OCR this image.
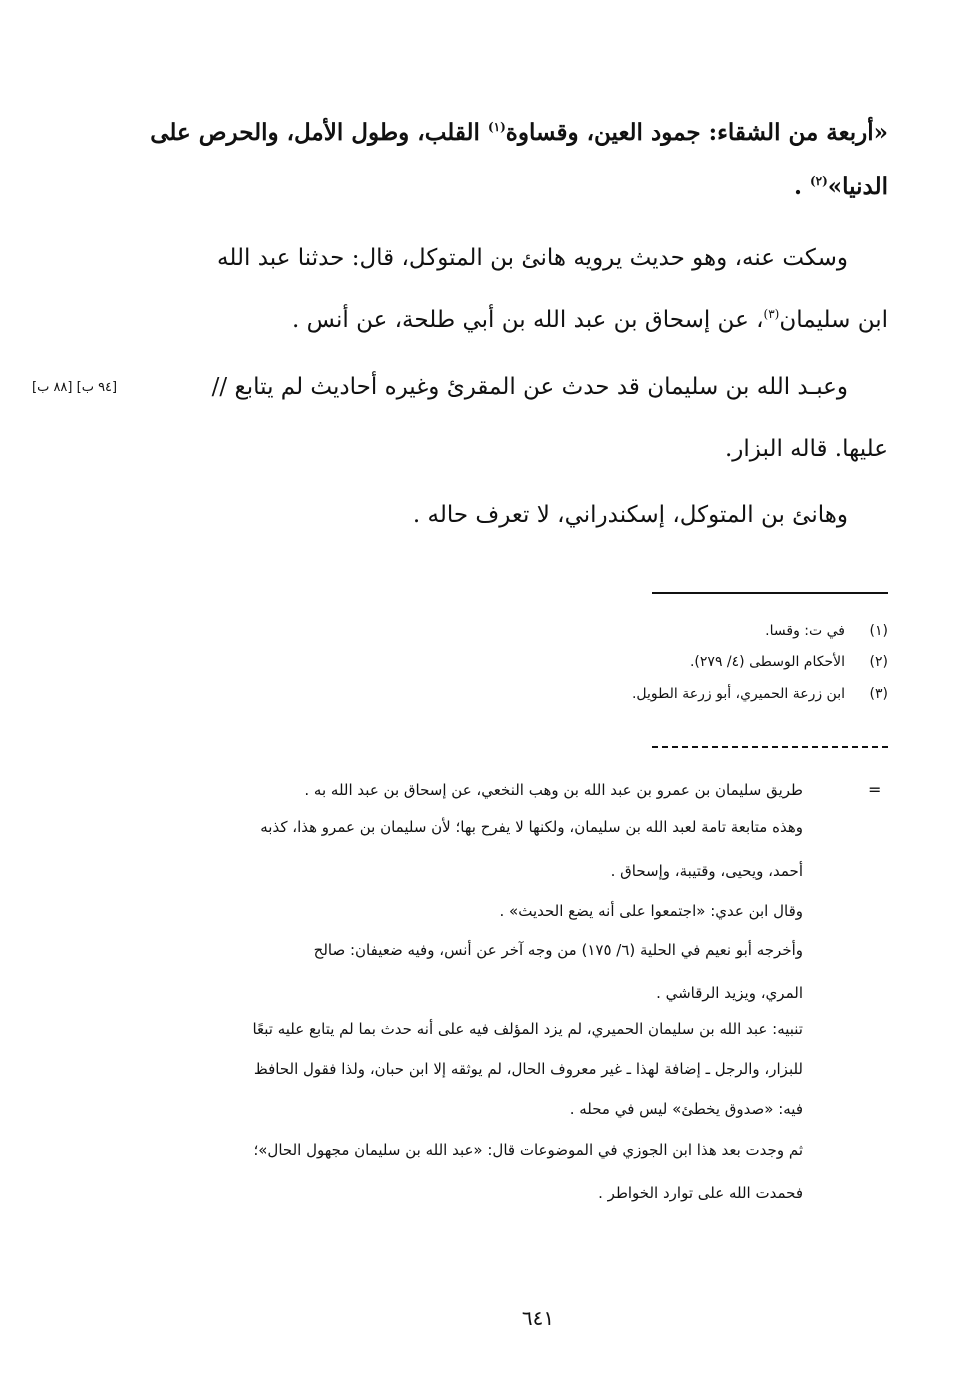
«أربعة من الشقاء: جمود العين، وقساوة$^{(١)}$ القلب، وطول الأمل، والحرص على
الدنيا»$^{(٢)}$ .
وسكت عنه، وهو حديث يرويه هانئ بن المتوكل، قال: حدثنا عبد الله
ابن سليمان$^{(٣)}$، عن إسحاق بن عبد الله بن أبي طلحة، عن أنس .
وعبـد الله بن سليمان قد حدث عن المقرئ وغيره أحاديث لم يتابع //
[٩٤ ب] [٨٨ ب]
عليها. قاله البزار.
وهانئ بن المتوكل، إسكندراني، لا تعرف حاله .
(١)
في ت: وقسا.
(٢)
الأحكام الوسطى (٤/ ٢٧٩).
(٣)
ابن زرعة الحميري، أبو زرعة الطويل.
=
طريق سليمان بن عمرو بن عبد الله بن وهب النخعي، عن إسحاق بن عبد الله به .
وهذه متابعة تامة لعبد الله بن سليمان، ولكنها لا يفرح بها؛ لأن سليمان بن عمرو هذا، كذبه
أحمد، ويحيى، وقتيبة، وإسحاق .
وقال ابن عدي: «اجتمعوا على أنه يضع الحديث» .
وأخرجه أبو نعيم في الحلية (٦/ ١٧٥) من وجه آخر عن أنس، وفيه ضعيفان: صالح
المري، ويزيد الرقاشي .
تنبيه: عبد الله بن سليمان الحميري، لم يزد المؤلف فيه على أنه حدث بما لم يتابع عليه تبعًا
للبزار، والرجل ـ إضافة لهذا ـ غير معروف الحال، لم يوثقه إلا ابن حبان، ولذا فقول الحافظ
فيه: «صدوق يخطئ» ليس في محله .
ثم وجدت بعد هذا ابن الجوزي في الموضوعات قال: «عبد الله بن سليمان مجهول الحال»؛
فحمدت الله على توارد الخواطر .
٦٤١
